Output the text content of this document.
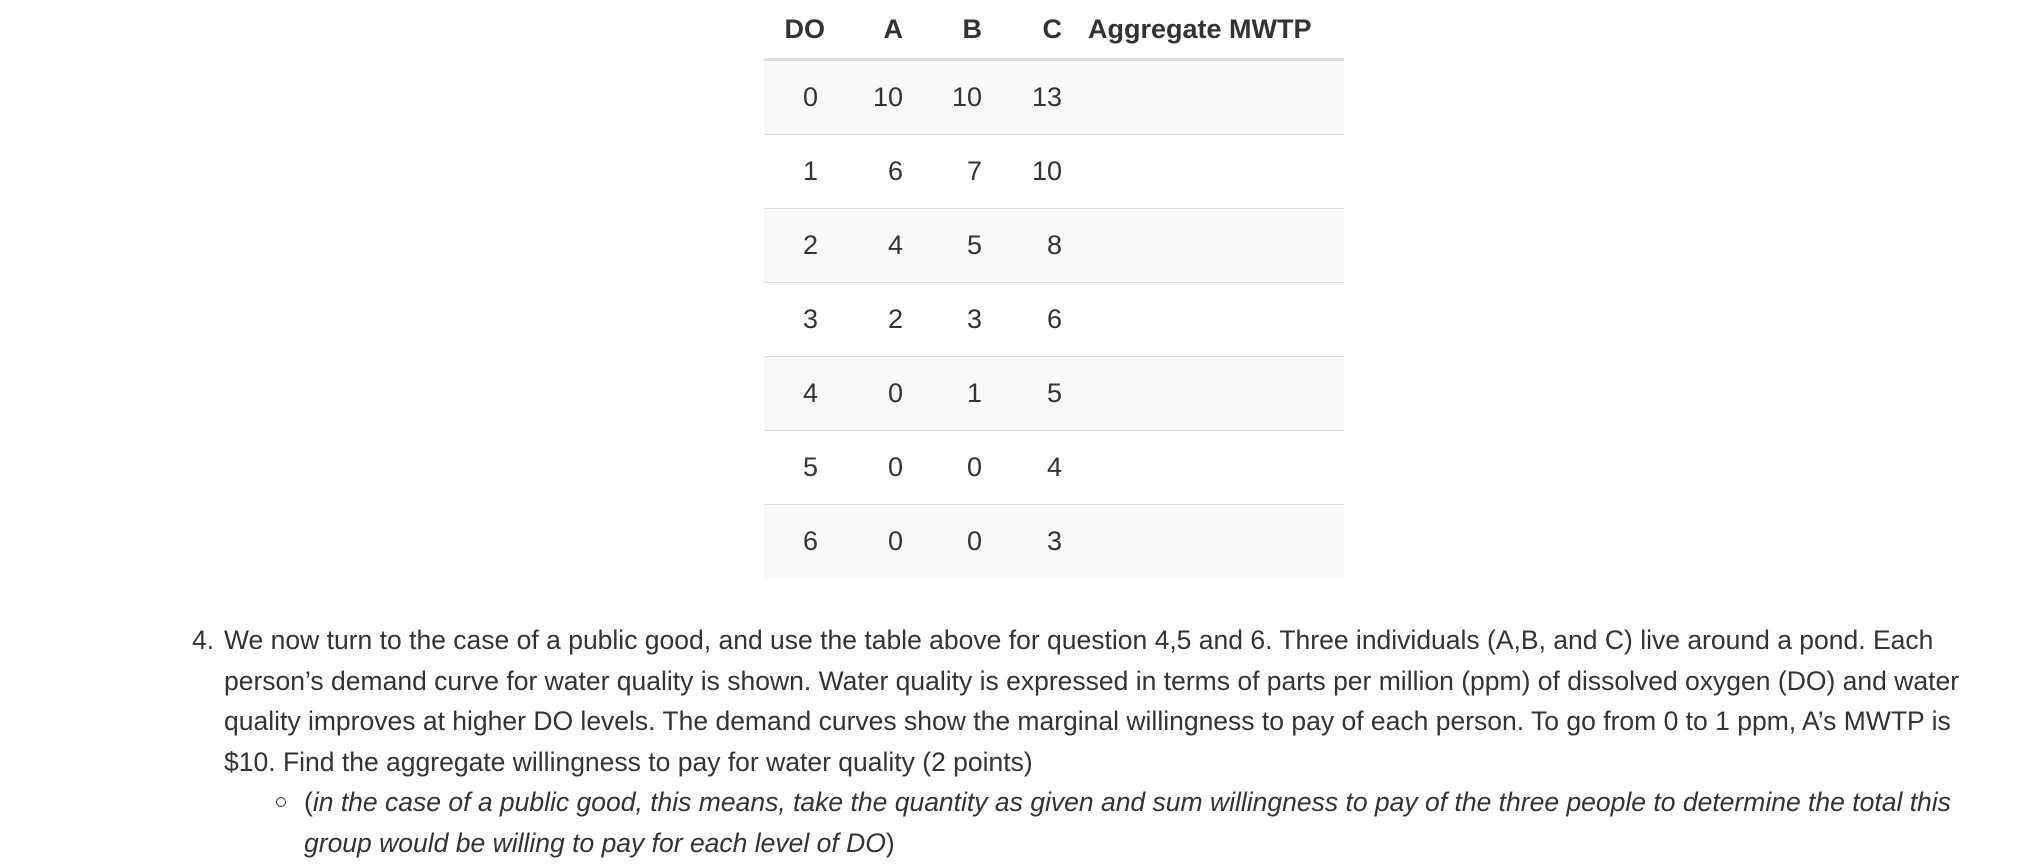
DO	A	B	C	Aggregate MWTP
0	10	10	13	
1	6	7	10	
2	4	5	8	
3	2	3	6	
4	0	1	5	
5	0	0	4	
6	0	0	3	
4. We now turn to the case of a public good, and use the table above for question 4,5 and 6. Three individuals (A,B, and C) live around a pond. Each person’s demand curve for water quality is shown. Water quality is expressed in terms of parts per million (ppm) of dissolved oxygen (DO) and water quality improves at higher DO levels. The demand curves show the marginal willingness to pay of each person. To go from 0 to 1 ppm, A’s MWTP is $10. Find the aggregate willingness to pay for water quality (2 points)
(in the case of a public good, this means, take the quantity as given and sum willingness to pay of the three people to determine the total this group would be willing to pay for each level of DO)
